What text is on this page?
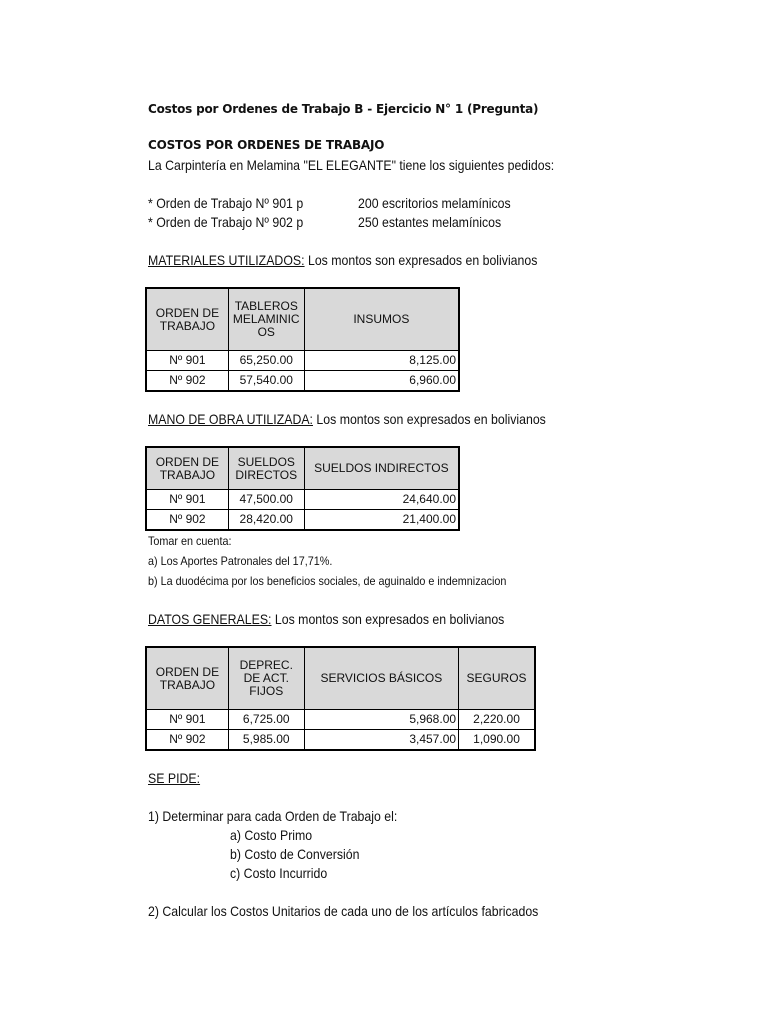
Costos por Ordenes de Trabajo B - Ejercicio N° 1 (Pregunta)
COSTOS POR ORDENES DE TRABAJO
La Carpintería en Melamina "EL ELEGANTE" tiene los siguientes pedidos:
* Orden de Trabajo Nº 901 p	200 escritorios melamínicos
* Orden de Trabajo Nº 902 p	250 estantes melamínicos
MATERIALES UTILIZADOS: Los montos son expresados en bolivianos
ORDEN DE TRABAJO	TABLEROS MELAMINICOS	INSUMOS
Nº 901	65,250.00	8,125.00
Nº 902	57,540.00	6,960.00
MANO DE OBRA UTILIZADA: Los montos son expresados en bolivianos
ORDEN DE TRABAJO	SUELDOS DIRECTOS	SUELDOS INDIRECTOS
Nº 901	47,500.00	24,640.00
Nº 902	28,420.00	21,400.00
Tomar en cuenta:
a) Los Aportes Patronales del 17,71%.
b) La duodécima por los beneficios sociales, de aguinaldo e indemnizacion
DATOS GENERALES: Los montos son expresados en bolivianos
ORDEN DE TRABAJO	DEPREC. DE ACT. FIJOS	SERVICIOS BÁSICOS	SEGUROS
Nº 901	6,725.00	5,968.00	2,220.00
Nº 902	5,985.00	3,457.00	1,090.00
SE PIDE:
1) Determinar para cada Orden de Trabajo el:
a) Costo Primo
b) Costo de Conversión
c) Costo Incurrido
2) Calcular los Costos Unitarios de cada uno de los artículos fabricados
